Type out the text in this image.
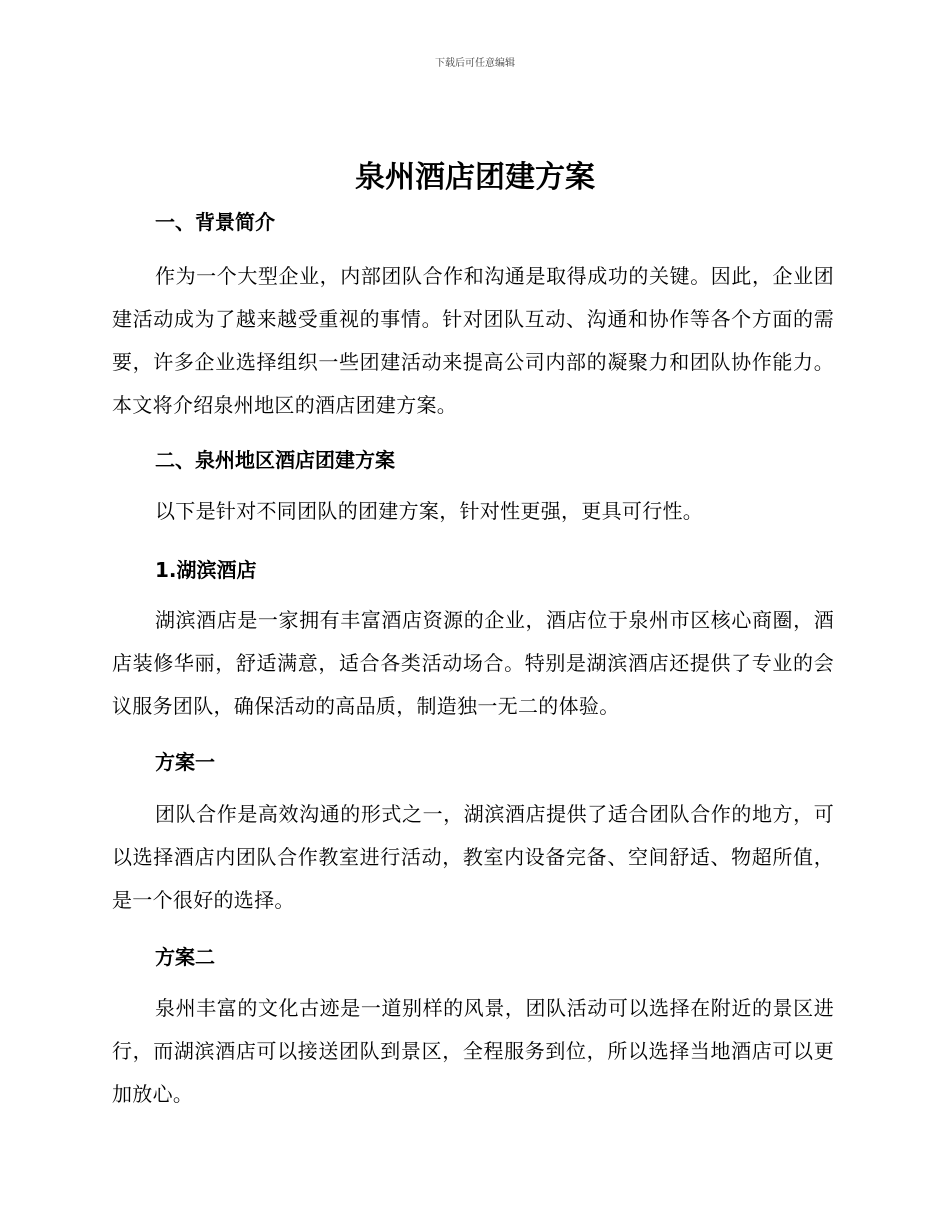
下载后可任意编辑
泉州酒店团建方案
一、背景简介
作为一个大型企业，内部团队合作和沟通是取得成功的关键。因此，企业团建活动成为了越来越受重视的事情。针对团队互动、沟通和协作等各个方面的需要，许多企业选择组织一些团建活动来提高公司内部的凝聚力和团队协作能力。本文将介绍泉州地区的酒店团建方案。
二、泉州地区酒店团建方案
以下是针对不同团队的团建方案，针对性更强，更具可行性。
1.湖滨酒店
湖滨酒店是一家拥有丰富酒店资源的企业，酒店位于泉州市区核心商圈，酒店装修华丽，舒适满意，适合各类活动场合。特别是湖滨酒店还提供了专业的会议服务团队，确保活动的高品质，制造独一无二的体验。
方案一
团队合作是高效沟通的形式之一，湖滨酒店提供了适合团队合作的地方，可以选择酒店内团队合作教室进行活动，教室内设备完备、空间舒适、物超所值，是一个很好的选择。
方案二
泉州丰富的文化古迹是一道别样的风景，团队活动可以选择在附近的景区进行，而湖滨酒店可以接送团队到景区，全程服务到位，所以选择当地酒店可以更加放心。
